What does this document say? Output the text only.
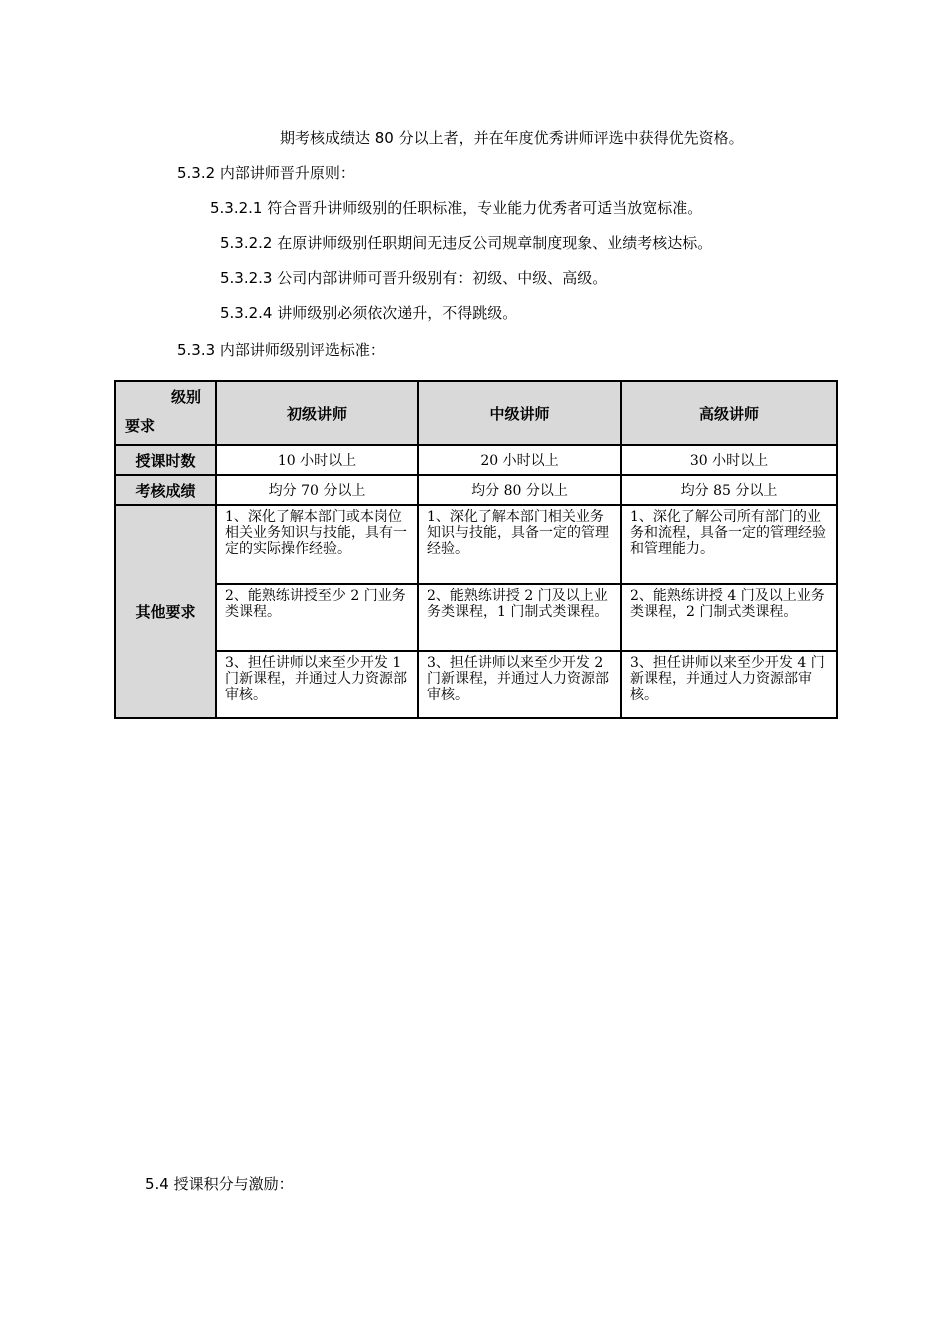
期考核成绩达 80 分以上者，并在年度优秀讲师评选中获得优先资格。
5.3.2 内部讲师晋升原则：
5.3.2.1 符合晋升讲师级别的任职标准，专业能力优秀者可适当放宽标准。
5.3.2.2 在原讲师级别任职期间无违反公司规章制度现象、业绩考核达标。
5.3.2.3 公司内部讲师可晋升级别有：初级、中级、高级。
5.3.2.4 讲师级别必须依次递升，不得跳级。
5.3.3 内部讲师级别评选标准：
级别
要求	初级讲师	中级讲师	高级讲师
授课时数	10 小时以上	20 小时以上	30 小时以上
考核成绩	均分 70 分以上	均分 80 分以上	均分 85 分以上
其他要求	1、深化了解本部门或本岗位相关业务知识与技能，具有一定的实际操作经验。	1、深化了解本部门相关业务知识与技能，具备一定的管理经验。	1、深化了解公司所有部门的业务和流程，具备一定的管理经验和管理能力。
	2、能熟练讲授至少 2 门业务类课程。	2、能熟练讲授 2 门及以上业务类课程，1 门制式类课程。	2、能熟练讲授 4 门及以上业务类课程，2 门制式类课程。
	3、担任讲师以来至少开发 1 门新课程，并通过人力资源部审核。	3、担任讲师以来至少开发 2 门新课程，并通过人力资源部审核。	3、担任讲师以来至少开发 4 门新课程，并通过人力资源部审核。
5.4 授课积分与激励：
